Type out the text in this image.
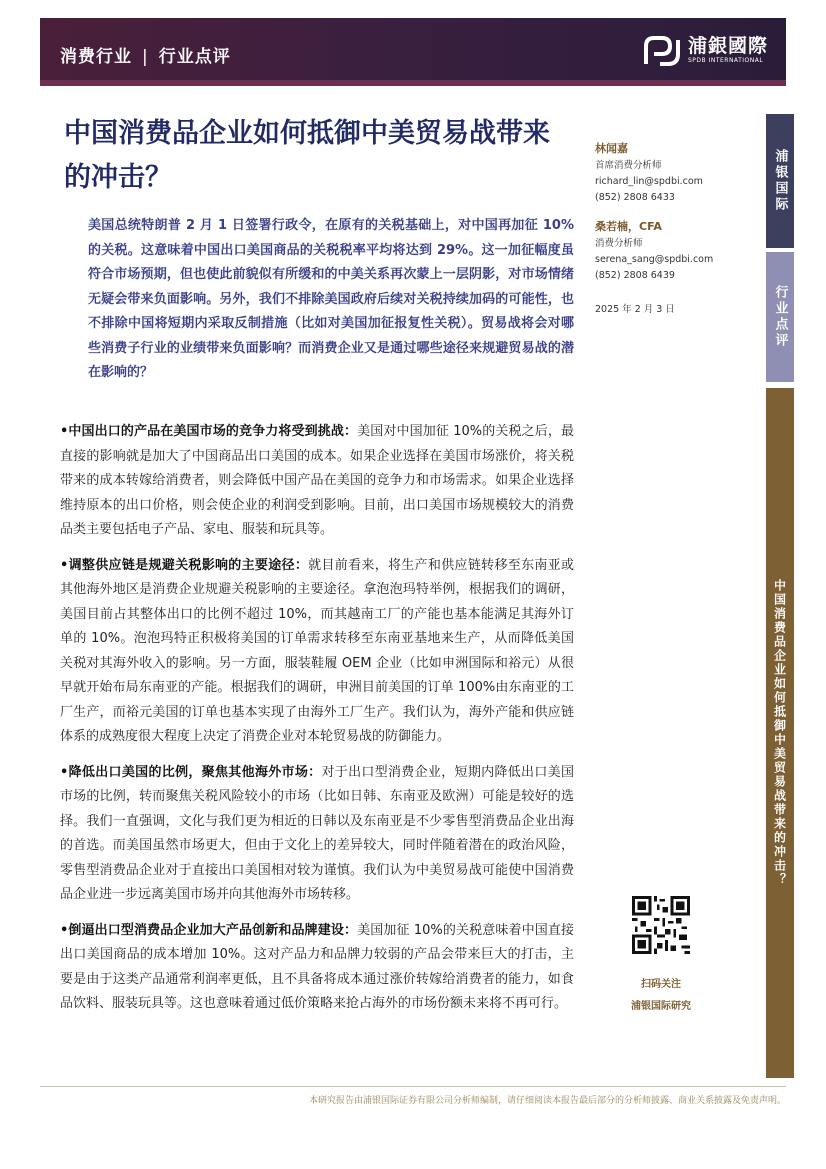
消费行业 | 行业点评	浦銀國際
SPDB INTERNATIONAL
中国消费品企业如何抵御中美贸易战带来的冲击？

美国总统特朗普 2 月 1 日签署行政令，在原有的关税基础上，对中国再加征 10%的关税。这意味着中国出口美国商品的关税税率平均将达到 29%。这一加征幅度虽符合市场预期，但也使此前貌似有所缓和的中美关系再次蒙上一层阴影，对市场情绪无疑会带来负面影响。另外，我们不排除美国政府后续对关税持续加码的可能性，也不排除中国将短期内采取反制措施（比如对美国加征报复性关税）。贸易战将会对哪些消费子行业的业绩带来负面影响？而消费企业又是通过哪些途径来规避贸易战的潜在影响的？

•中国出口的产品在美国市场的竞争力将受到挑战：美国对中国加征 10%的关税之后，最直接的影响就是加大了中国商品出口美国的成本。如果企业选择在美国市场涨价，将关税带来的成本转嫁给消费者，则会降低中国产品在美国的竞争力和市场需求。如果企业选择维持原本的出口价格，则会使企业的利润受到影响。目前，出口美国市场规模较大的消费品类主要包括电子产品、家电、服装和玩具等。

•调整供应链是规避关税影响的主要途径：就目前看来，将生产和供应链转移至东南亚或其他海外地区是消费企业规避关税影响的主要途径。拿泡泡玛特举例，根据我们的调研，美国目前占其整体出口的比例不超过 10%，而其越南工厂的产能也基本能满足其海外订单的 10%。泡泡玛特正积极将美国的订单需求转移至东南亚基地来生产，从而降低美国关税对其海外收入的影响。另一方面，服装鞋履 OEM 企业（比如申洲国际和裕元）从很早就开始布局东南亚的产能。根据我们的调研，申洲目前美国的订单 100%由东南亚的工厂生产，而裕元美国的订单也基本实现了由海外工厂生产。我们认为，海外产能和供应链体系的成熟度很大程度上决定了消费企业对本轮贸易战的防御能力。

•降低出口美国的比例，聚焦其他海外市场：对于出口型消费企业，短期内降低出口美国市场的比例，转而聚焦关税风险较小的市场（比如日韩、东南亚及欧洲）可能是较好的选择。我们一直强调，文化与我们更为相近的日韩以及东南亚是不少零售型消费品企业出海的首选。而美国虽然市场更大，但由于文化上的差异较大，同时伴随着潜在的政治风险，零售型消费品企业对于直接出口美国相对较为谨慎。我们认为中美贸易战可能使中国消费品企业进一步远离美国市场并向其他海外市场转移。

•倒逼出口型消费品企业加大产品创新和品牌建设：美国加征 10%的关税意味着中国直接出口美国商品的成本增加 10%。这对产品力和品牌力较弱的产品会带来巨大的打击，主要是由于这类产品通常利润率更低，且不具备将成本通过涨价转嫁给消费者的能力，如食品饮料、服装玩具等。这也意味着通过低价策略来抢占海外的市场份额未来将不再可行。

林闻嘉
首席消费分析师
richard_lin@spdbi.com
(852) 2808 6433
桑若楠，CFA
消费分析师
serena_sang@spdbi.com
(852) 2808 6439
2025 年 2 月 3 日
浦银国际
行业点评
中国消费品企业如何抵御中美贸易战带来的冲击？
扫码关注
浦银国际研究
本研究报告由浦银国际证券有限公司分析师编制，请仔细阅读本报告最后部分的分析师披露、商业关系披露及免责声明。
